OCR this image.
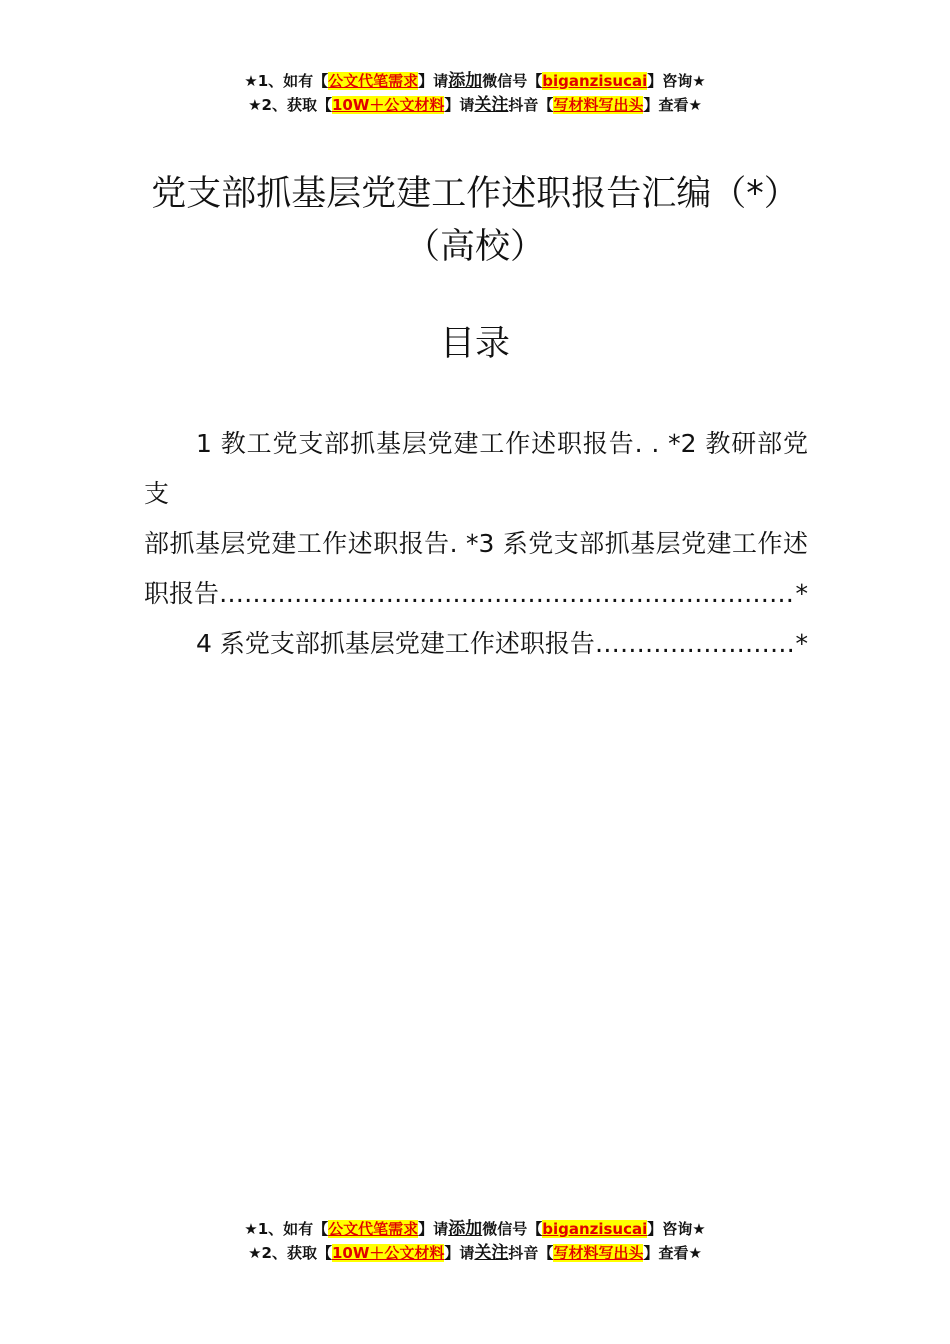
★1、如有【公文代笔需求】请添加微信号【biganzisucai】咨询★
★2、获取【10W＋公文材料】请关注抖音【写材料写出头】查看★
党支部抓基层党建工作述职报告汇编（*）
（高校）
目录

1 教工党支部抓基层党建工作述职报告. . *2 教研部党支

部抓基层党建工作述职报告. *3 系党支部抓基层党建工作述

职报告 ……………………………………………………………………………………………………………………	*
4 系党支部抓基层党建工作述职报告 ……………………………………………………………………………………………………………………	*
★1、如有【公文代笔需求】请添加微信号【biganzisucai】咨询★
★2、获取【10W＋公文材料】请关注抖音【写材料写出头】查看★
